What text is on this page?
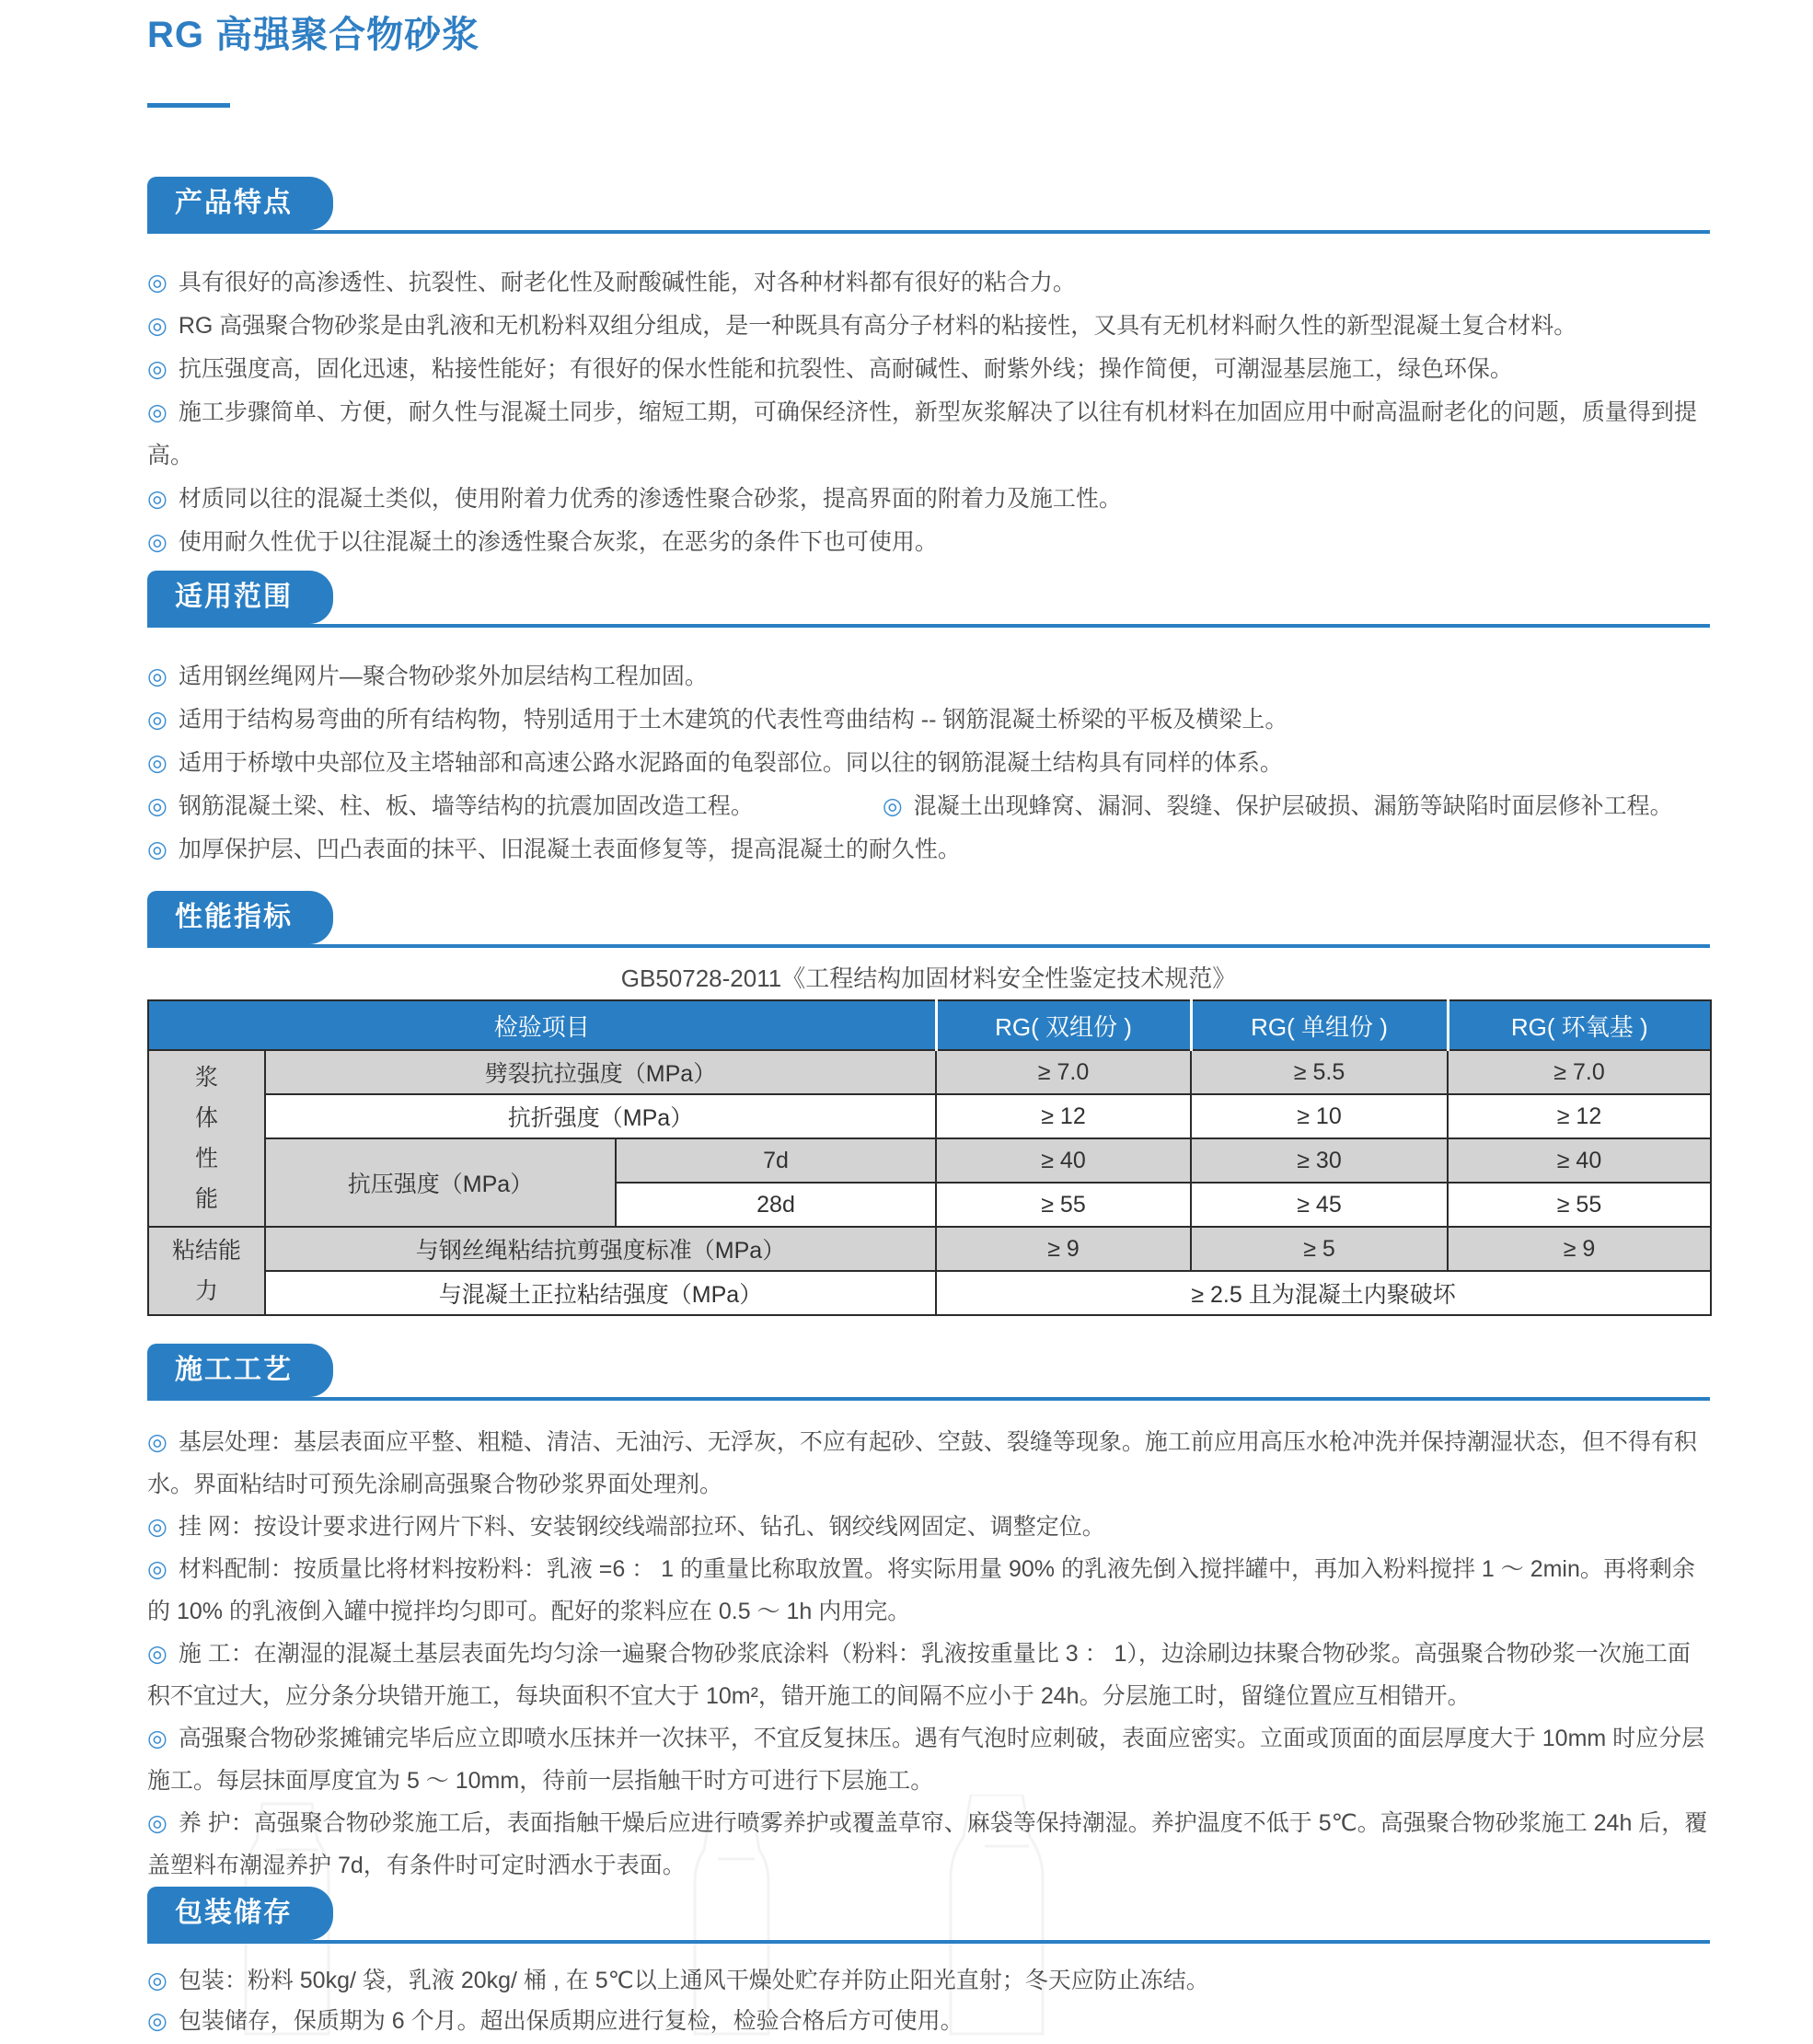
RG 高强聚合物砂浆
产品特点

◎ 具有很好的高渗透性、抗裂性、耐老化性及耐酸碱性能，对各种材料都有很好的粘合力。

◎ RG 高强聚合物砂浆是由乳液和无机粉料双组分组成，是一种既具有高分子材料的粘接性，又具有无机材料耐久性的新型混凝土复合材料。

◎ 抗压强度高，固化迅速，粘接性能好；有很好的保水性能和抗裂性、高耐碱性、耐紫外线；操作简便，可潮湿基层施工，绿色环保。

◎ 施工步骤简单、方便，耐久性与混凝土同步，缩短工期，可确保经济性，新型灰浆解决了以往有机材料在加固应用中耐高温耐老化的问题，质量得到提高。

◎ 材质同以往的混凝土类似，使用附着力优秀的渗透性聚合砂浆，提高界面的附着力及施工性。

◎ 使用耐久性优于以往混凝土的渗透性聚合灰浆，在恶劣的条件下也可使用。

适用范围

◎ 适用钢丝绳网片—聚合物砂浆外加层结构工程加固。

◎ 适用于结构易弯曲的所有结构物，特别适用于土木建筑的代表性弯曲结构 -- 钢筋混凝土桥梁的平板及横梁上。

◎ 适用于桥墩中央部位及主塔轴部和高速公路水泥路面的龟裂部位。同以往的钢筋混凝土结构具有同样的体系。

◎ 钢筋混凝土梁、柱、板、墙等结构的抗震加固改造工程。	◎ 混凝土出现蜂窝、漏洞、裂缝、保护层破损、漏筋等缺陷时面层修补工程。

◎ 加厚保护层、凹凸表面的抹平、旧混凝土表面修复等，提高混凝土的耐久性。

性能指标
GB50728-2011《工程结构加固材料安全性鉴定技术规范》
检验项目			RG( 双组份 )	RG( 单组份 )	RG( 环氧基 )

浆体性能	劈裂抗拉强度（MPa）		≥ 7.0	≥ 5.5	≥ 7.0
	抗折强度（MPa）		≥ 12	≥ 10	≥ 12
	抗压强度（MPa）	7d	≥ 40	≥ 30	≥ 40
		28d	≥ 55	≥ 45	≥ 55

粘结能力	与钢丝绳粘结抗剪强度标准（MPa）		≥ 9	≥ 5	≥ 9
	与混凝土正拉粘结强度（MPa）		≥ 2.5 且为混凝土内聚破坏		
施工工艺

◎ 基层处理：基层表面应平整、粗糙、清洁、无油污、无浮灰，不应有起砂、空鼓、裂缝等现象。施工前应用高压水枪冲洗并保持潮湿状态，但不得有积水。界面粘结时可预先涂刷高强聚合物砂浆界面处理剂。

◎ 挂 网：按设计要求进行网片下料、安装钢绞线端部拉环、钻孔、钢绞线网固定、调整定位。

◎ 材料配制：按质量比将材料按粉料：乳液 =6 ： 1 的重量比称取放置。将实际用量 90% 的乳液先倒入搅拌罐中，再加入粉料搅拌 1 ～ 2min。再将剩余的 10% 的乳液倒入罐中搅拌均匀即可。配好的浆料应在 0.5 ～ 1h 内用完。

◎ 施 工：在潮湿的混凝土基层表面先均匀涂一遍聚合物砂浆底涂料（粉料：乳液按重量比 3 ： 1），边涂刷边抹聚合物砂浆。高强聚合物砂浆一次施工面积不宜过大，应分条分块错开施工，每块面积不宜大于 10m²，错开施工的间隔不应小于 24h。分层施工时，留缝位置应互相错开。

◎ 高强聚合物砂浆摊铺完毕后应立即喷水压抹并一次抹平，不宜反复抹压。遇有气泡时应刺破，表面应密实。立面或顶面的面层厚度大于 10mm 时应分层施工。每层抹面厚度宜为 5 ～ 10mm，待前一层指触干时方可进行下层施工。

◎ 养 护：高强聚合物砂浆施工后，表面指触干燥后应进行喷雾养护或覆盖草帘、麻袋等保持潮湿。养护温度不低于 5℃。高强聚合物砂浆施工 24h 后，覆盖塑料布潮湿养护 7d，有条件时可定时洒水于表面。

包装储存

◎ 包装：粉料 50kg/ 袋，乳液 20kg/ 桶 , 在 5℃以上通风干燥处贮存并防止阳光直射；冬天应防止冻结。

◎ 包装储存，保质期为 6 个月。超出保质期应进行复检，检验合格后方可使用。
